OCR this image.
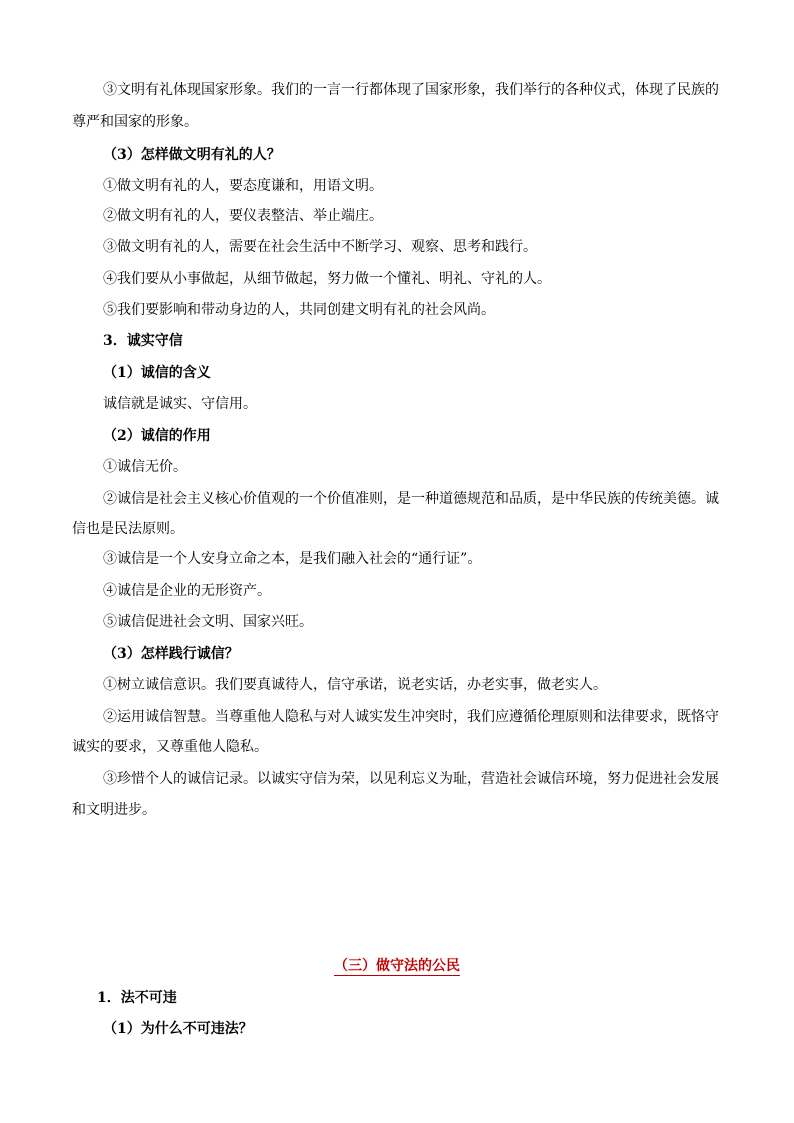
③文明有礼体现国家形象。我们的一言一行都体现了国家形象，我们举行的各种仪式，体现了民族的
尊严和国家的形象。
（3）怎样做文明有礼的人？
①做文明有礼的人，要态度谦和，用语文明。
②做文明有礼的人，要仪表整洁、举止端庄。
③做文明有礼的人，需要在社会生活中不断学习、观察、思考和践行。
④我们要从小事做起，从细节做起，努力做一个懂礼、明礼、守礼的人。
⑤我们要影响和带动身边的人，共同创建文明有礼的社会风尚。
3．诚实守信
（1）诚信的含义
诚信就是诚实、守信用。
（2）诚信的作用
①诚信无价。
②诚信是社会主义核心价值观的一个价值准则，是一种道德规范和品质，是中华民族的传统美德。诚
信也是民法原则。
③诚信是一个人安身立命之本，是我们融入社会的“通行证”。
④诚信是企业的无形资产。
⑤诚信促进社会文明、国家兴旺。
（3）怎样践行诚信？
①树立诚信意识。我们要真诚待人，信守承诺，说老实话，办老实事，做老实人。
②运用诚信智慧。当尊重他人隐私与对人诚实发生冲突时，我们应遵循伦理原则和法律要求，既恪守
诚实的要求，又尊重他人隐私。
③珍惜个人的诚信记录。以诚实守信为荣，以见利忘义为耻，营造社会诚信环境，努力促进社会发展
和文明进步。
（三）做守法的公民
1．法不可违
（1）为什么不可违法？
